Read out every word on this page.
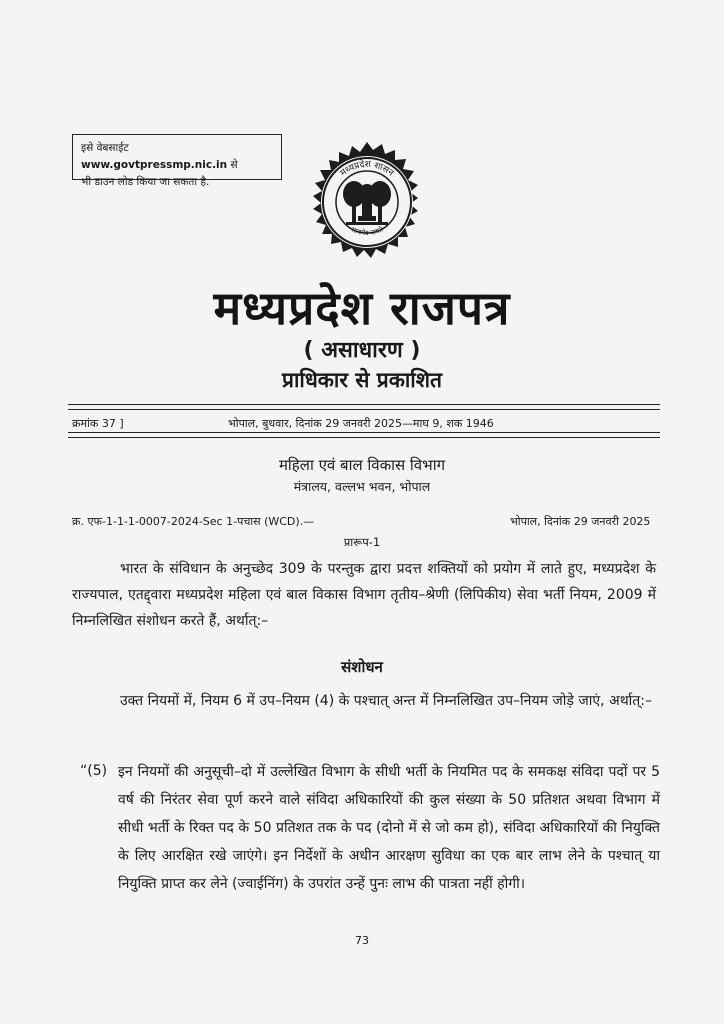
इसे वेबसाईट www.govtpressmp.nic.in से
भी डाउन लोड किया जा सकता है.
मध्यप्रदेश शासन
सत्यमेव जयते
मध्यप्रदेश राजपत्र
( असाधारण )
प्राधिकार से प्रकाशित
क्रमांक 37 ]	भोपाल, बुधवार, दिनांक 29 जनवरी 2025—माघ 9, शक 1946
महिला एवं बाल विकास विभाग
मंत्रालय, वल्लभ भवन, भोपाल
क्र. एफ-1-1-1-0007-2024-Sec 1-पचास (WCD).—	भोपाल, दिनांक 29 जनवरी 2025
प्रारूप-1
भारत के संविधान के अनुच्छेद 309 के परन्तुक द्वारा प्रदत्त शक्तियों को प्रयोग में लाते हुए, मध्यप्रदेश के राज्यपाल, एतद्द्वारा मध्यप्रदेश महिला एवं बाल विकास विभाग तृतीय–श्रेणी (लिपिकीय) सेवा भर्ती नियम, 2009 में निम्नलिखित संशोधन करते हैं, अर्थात्:–
संशोधन
उक्त नियमों में, नियम 6 में उप–नियम (4) के पश्चात् अन्त में निम्नलिखित उप–नियम जोड़े जाएं, अर्थात्:–
“(5) इन नियमों की अनुसूची–दो में उल्लेखित विभाग के सीधी भर्ती के नियमित पद के समकक्ष संविदा पदों पर 5 वर्ष की निरंतर सेवा पूर्ण करने वाले संविदा अधिकारियों की कुल संख्या के 50 प्रतिशत अथवा विभाग में सीधी भर्ती के रिक्त पद के 50 प्रतिशत तक के पद (दोनो में से जो कम हो), संविदा अधिकारियों की नियुक्ति के लिए आरक्षित रखे जाएंगे। इन निर्देशों के अधीन आरक्षण सुविधा का एक बार लाभ लेने के पश्चात् या नियुक्ति प्राप्त कर लेने (ज्वाईनिंग) के उपरांत उन्हें पुनः लाभ की पात्रता नहीं होगी।
73
